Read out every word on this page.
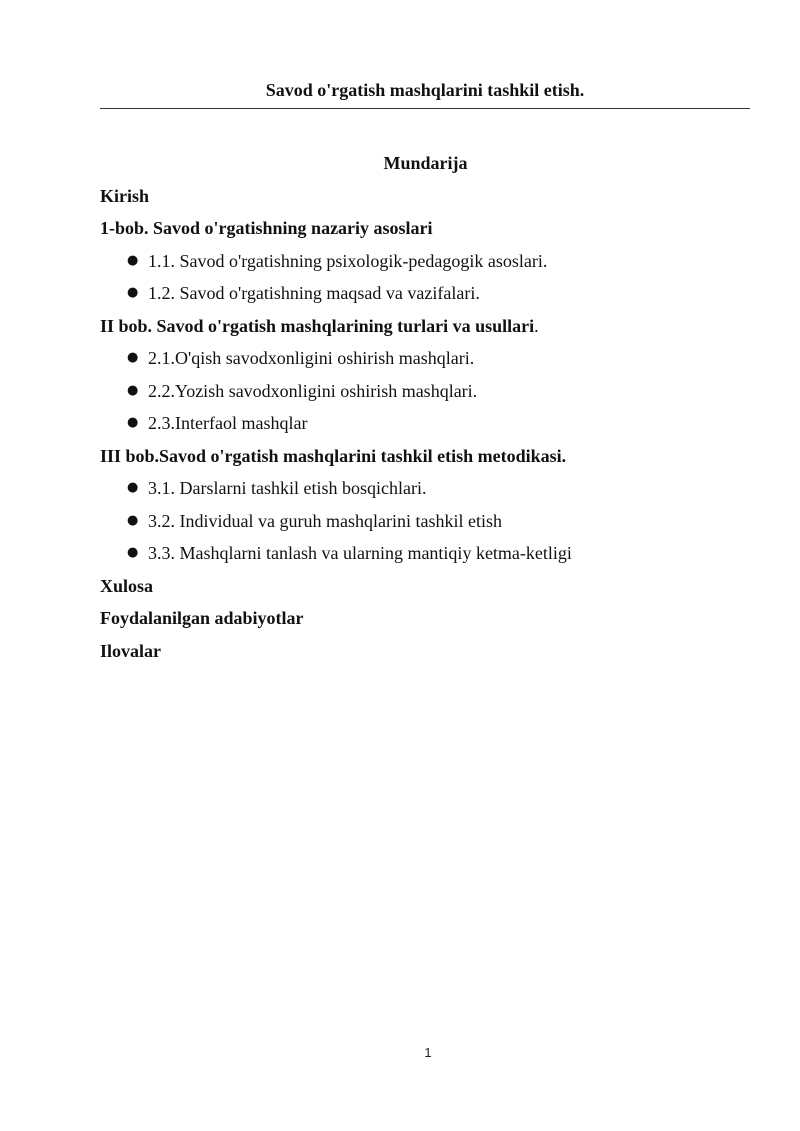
Savod o'rgatish mashqlarini tashkil etish.
Mundarija
Kirish
1-bob. Savod o'rgatishning nazariy asoslari
● 1.1. Savod o'rgatishning psixologik-pedagogik asoslari.
● 1.2. Savod o'rgatishning maqsad va vazifalari.
II bob. Savod o'rgatish mashqlarining turlari va usullari.
● 2.1.O'qish savodxonligini oshirish mashqlari.
● 2.2.Yozish savodxonligini oshirish mashqlari.
● 2.3.Interfaol mashqlar
III bob.Savod o'rgatish mashqlarini tashkil etish metodikasi.
● 3.1. Darslarni tashkil etish bosqichlari.
● 3.2. Individual va guruh mashqlarini tashkil etish
● 3.3. Mashqlarni tanlash va ularning mantiqiy ketma-ketligi
Xulosa
Foydalanilgan adabiyotlar
Ilovalar
1
